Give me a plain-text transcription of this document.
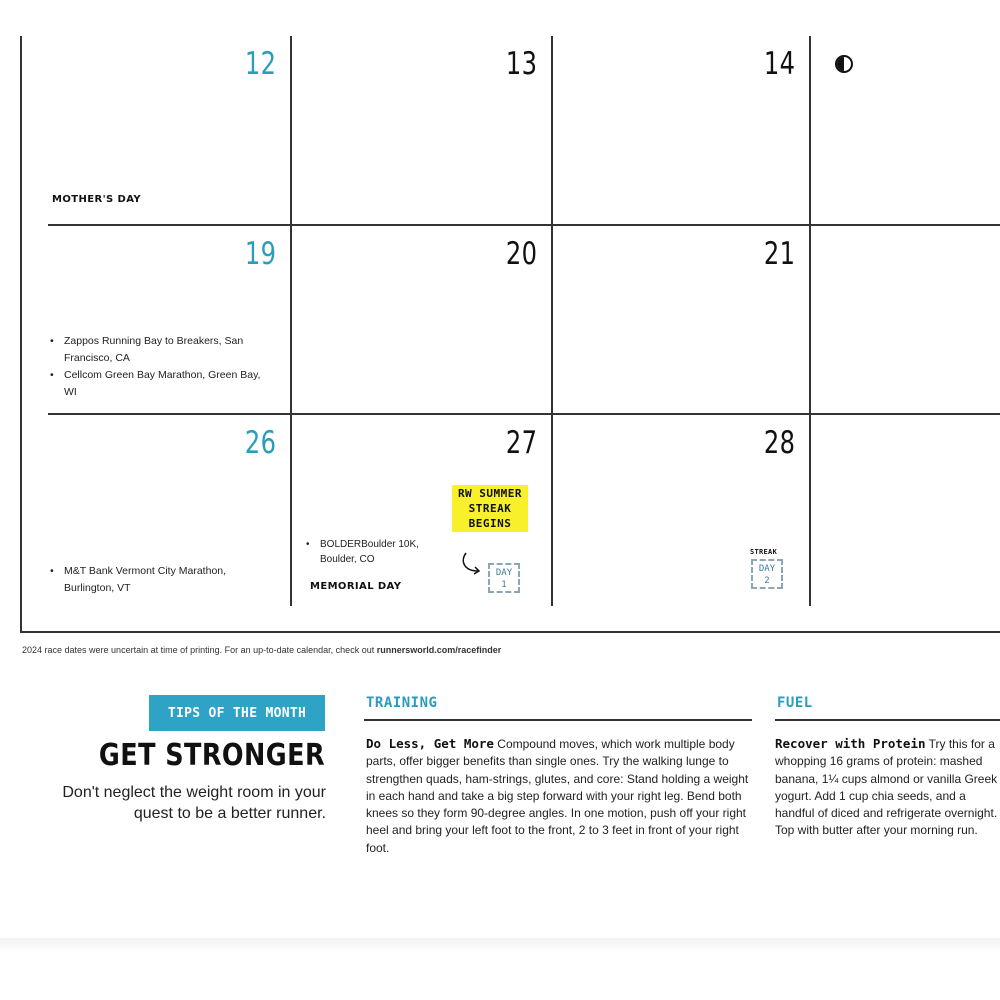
12
MOTHER'S DAY
13	14
19
• Zappos Running Bay to Breakers, San Francisco, CA
• Cellcom Green Bay Marathon, Green Bay, WI
20	21
26
• M&T Bank Vermont City Marathon, Burlington, VT
27
• BOLDERBoulder 10K, Boulder, CO
MEMORIAL DAY
RW SUMMER STREAK BEGINS
DAY
1
28
STREAK
DAY
2
2024 race dates were uncertain at time of printing. For an up-to-date calendar, check out runnersworld.com/racefinder
TIPS OF THE MONTH
GET STRONGER
Don't neglect the weight room in your quest to be a better runner.
TRAINING
Do Less, Get More Compound moves, which work multiple body parts, offer bigger benefits than single ones. Try the walking lunge to strengthen quads, ham-strings, glutes, and core: Stand holding a weight in each hand and take a big step forward with your right leg. Bend both knees so they form 90-degree angles. In one motion, push off your right heel and bring your left foot to the front, 2 to 3 feet in front of your right foot.
FUEL
Recover with Protein Try this for a whopping 16 grams of protein: mashed banana, 1¼ cups almond or vanilla Greek yogurt. Add 1 cup chia seeds, and a handful of diced and refrigerate overnight. Top with butter after your morning run.
